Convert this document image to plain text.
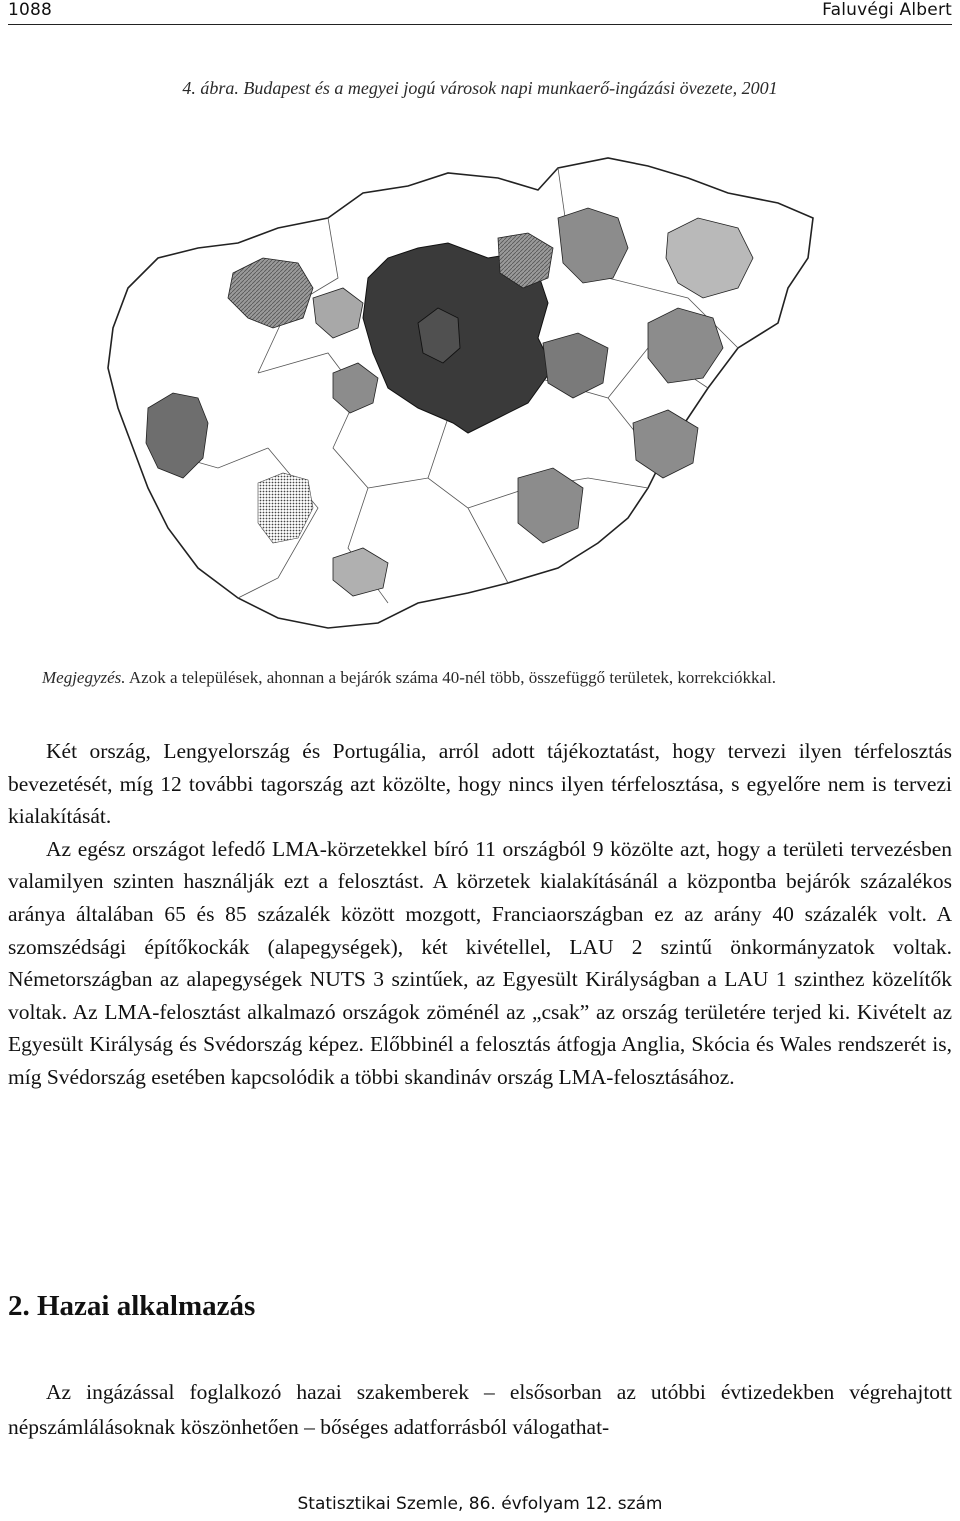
1088	Faluvégi Albert
4. ábra. Budapest és a megyei jogú városok napi munkaerő-ingázási övezete, 2001
Megjegyzés. Azok a települések, ahonnan a bejárók száma 40-nél több, összefüggő területek, korrekciókkal.

Két ország, Lengyelország és Portugália, arról adott tájékoztatást, hogy tervezi ilyen térfelosztás bevezetését, míg 12 további tagország azt közölte, hogy nincs ilyen térfelosztása, s egyelőre nem is tervezi kialakítását.

Az egész országot lefedő LMA-körzetekkel bíró 11 országból 9 közölte azt, hogy a területi tervezésben valamilyen szinten használják ezt a felosztást. A körzetek kialakításánál a központba bejárók százalékos aránya általában 65 és 85 százalék között mozgott, Franciaországban ez az arány 40 százalék volt. A szomszédsági építőkockák (alapegységek), két kivétellel, LAU 2 szintű önkormányzatok voltak. Németországban az alapegységek NUTS 3 szintűek, az Egyesült Királyságban a LAU 1 szinthez közelítők voltak. Az LMA-felosztást alkalmazó országok zöménél az „csak” az ország területére terjed ki. Kivételt az Egyesült Királyság és Svédország képez. Előbbinél a felosztás átfogja Anglia, Skócia és Wales rendszerét is, míg Svédország esetében kapcsolódik a többi skandináv ország LMA-felosztásához.

2. Hazai alkalmazás

Az ingázással foglalkozó hazai szakemberek – elsősorban az utóbbi évtizedekben végrehajtott népszámlálásoknak köszönhetően – bőséges adatforrásból válogathat-

Statisztikai Szemle, 86. évfolyam 12. szám
